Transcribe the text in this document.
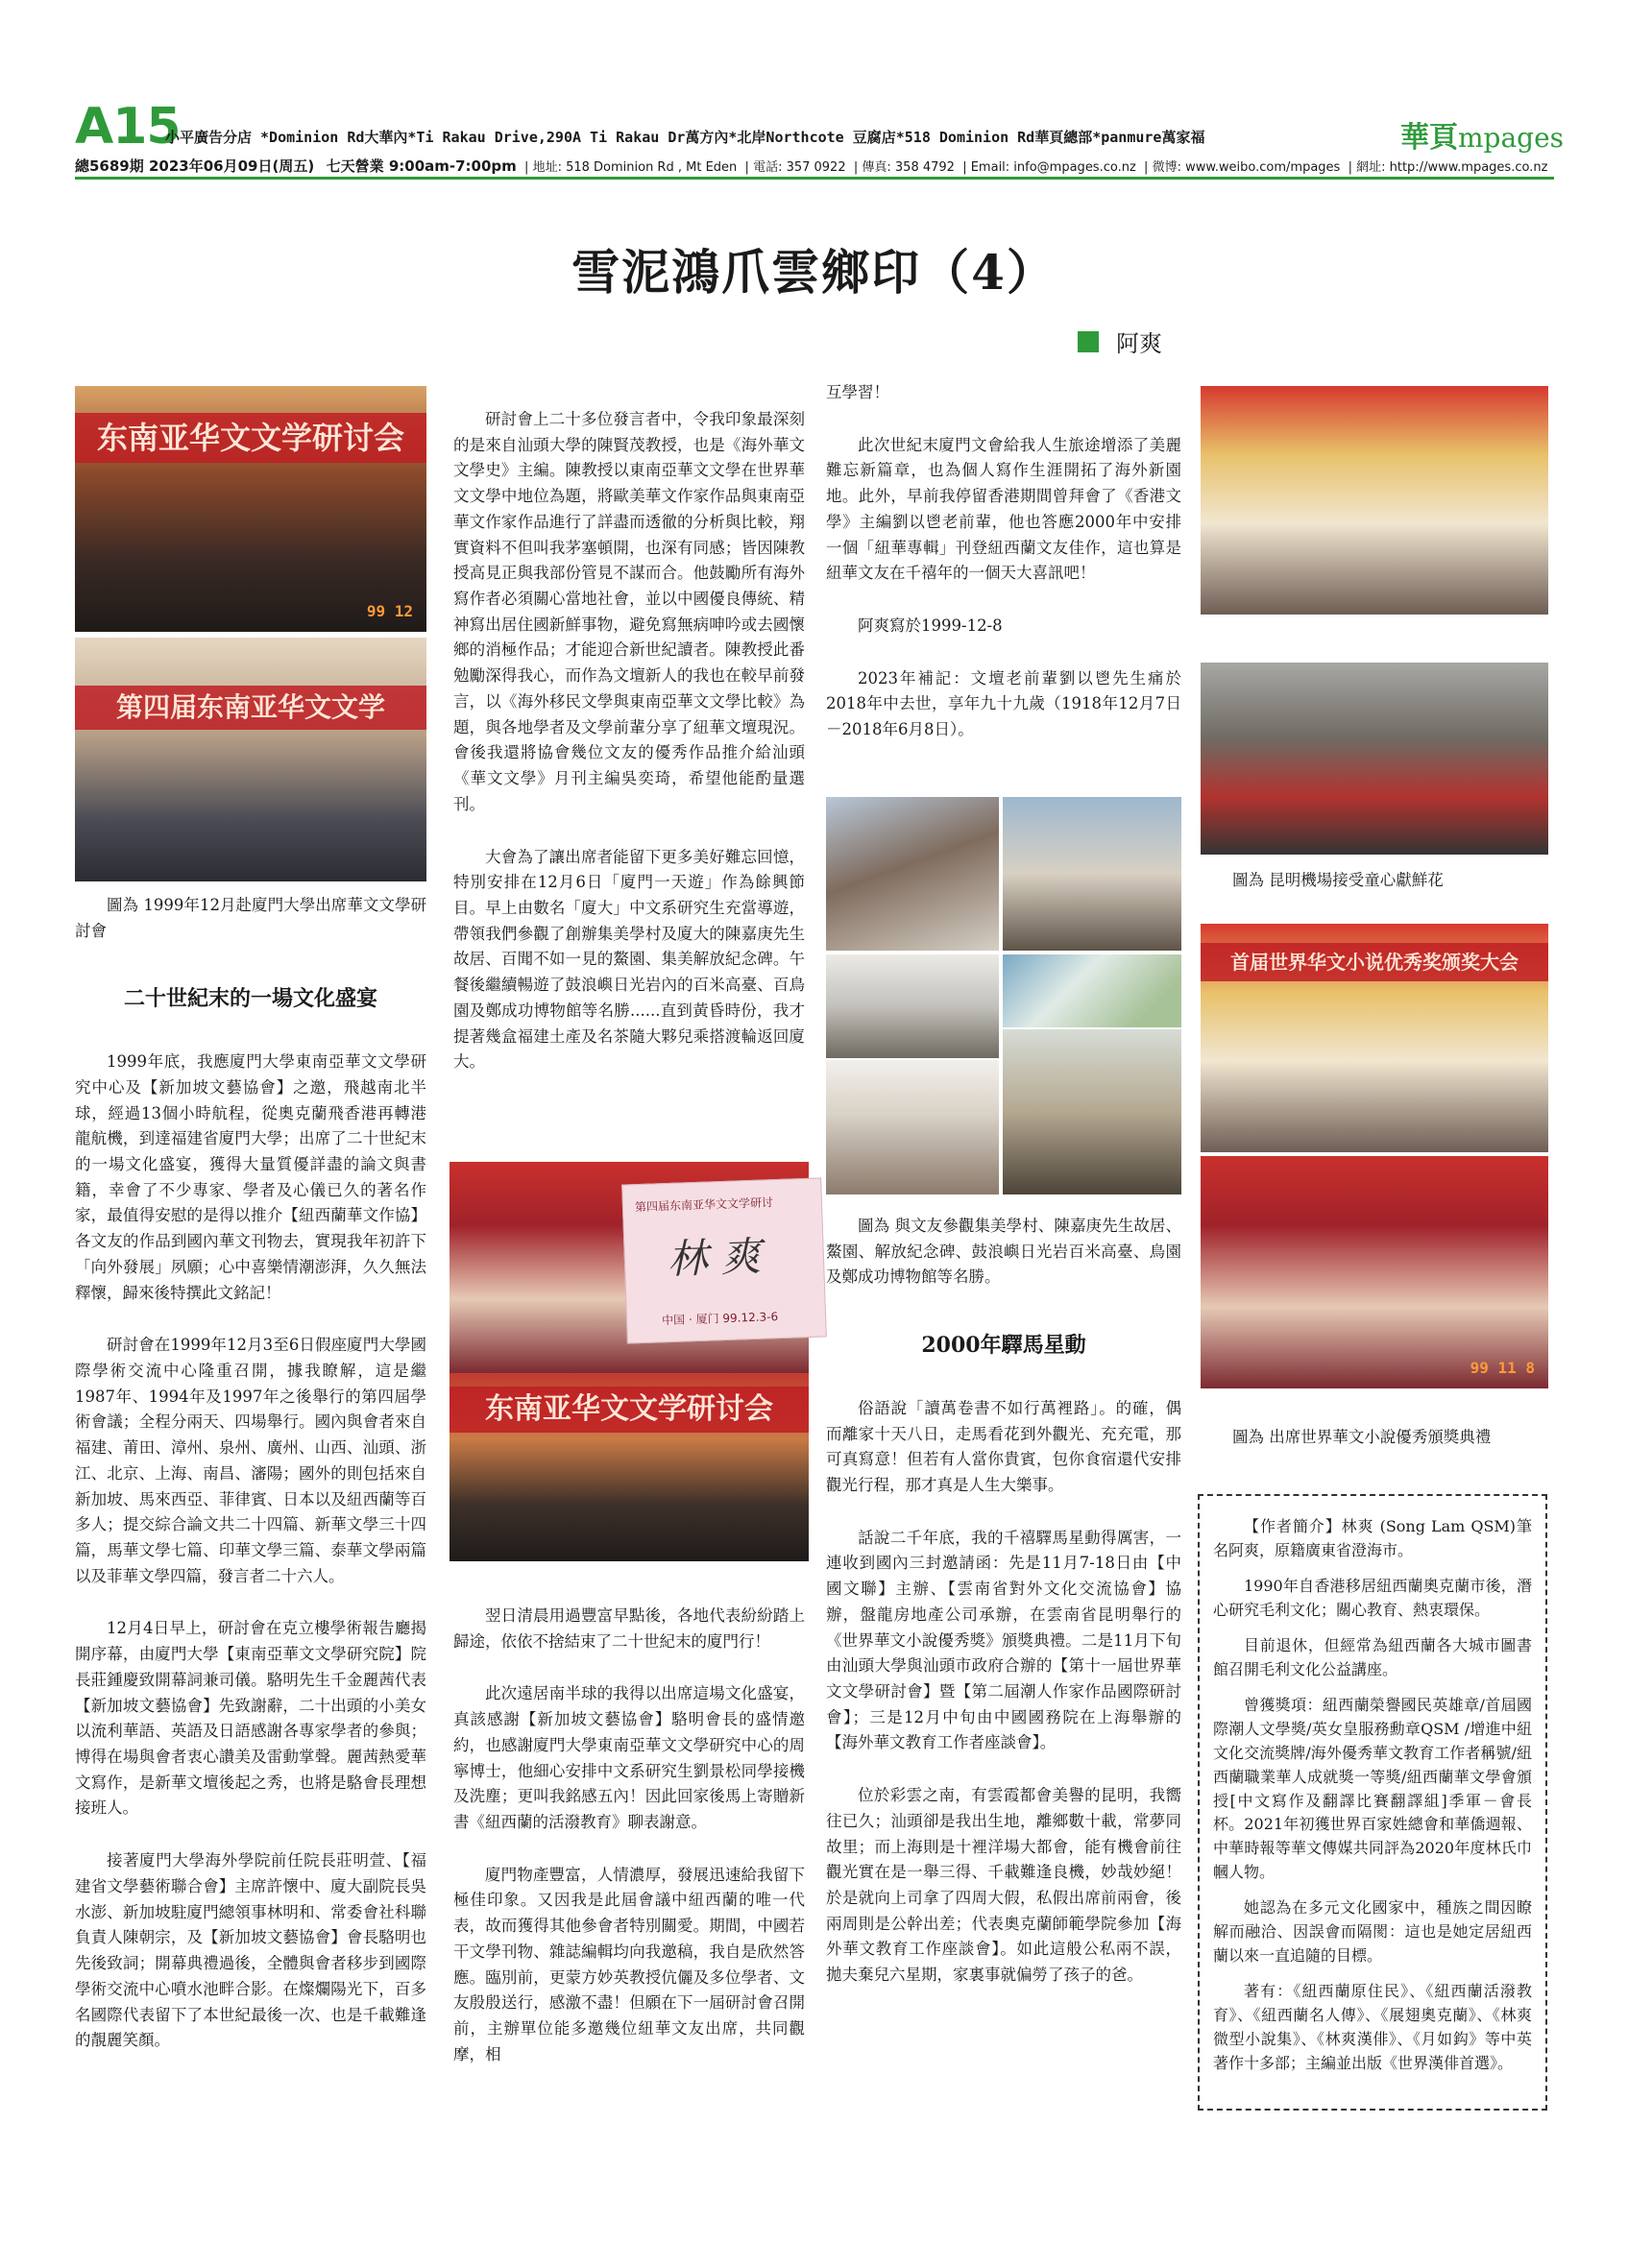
A15
小平廣告分店 *Dominion Rd大華內*Ti Rakau Drive,290A Ti Rakau Dr萬方內*北岸Northcote 豆腐店*518 Dominion Rd華頁總部*panmure萬家福	華頁mpages
總5689期 2023年06月09日(周五) 七天營業 9:00am-7:00pm  | 地址: 518 Dominion Rd , Mt Eden  | 電話: 357 0922  | 傳真: 358 4792  | Email: info@mpages.co.nz  | 微博: www.weibo.com/mpages  | 網址: http://www.mpages.co.nz
雪泥鴻爪雲鄉印（4）
阿爽
东南亚华文文学研讨会
99 12
第四届东南亚华文文学

圖為 1999年12月赴廈門大學出席華文文學研討會

二十世紀末的一場文化盛宴

1999年底，我應廈門大學東南亞華文文學研究中心及【新加坡文藝協會】之邀，飛越南北半球，經過13個小時航程，從奧克蘭飛香港再轉港龍航機，到達福建省廈門大學；出席了二十世紀末的一場文化盛宴，獲得大量質優詳盡的論文與書籍，幸會了不少專家、學者及心儀已久的著名作家，最值得安慰的是得以推介【紐西蘭華文作協】各文友的作品到國內華文刊物去，實現我年初許下「向外發展」夙願；心中喜樂情潮澎湃，久久無法釋懷，歸來後特撰此文銘記！

研討會在1999年12月3至6日假座廈門大學國際學術交流中心隆重召開，據我瞭解，這是繼1987年、1994年及1997年之後舉行的第四屆學術會議；全程分兩天、四場舉行。國內與會者來自福建、莆田、漳州、泉州、廣州、山西、汕頭、浙江、北京、上海、南昌、瀋陽；國外的則包括來自新加坡、馬來西亞、菲律賓、日本以及紐西蘭等百多人；提交綜合論文共二十四篇、新華文學三十四篇，馬華文學七篇、印華文學三篇、泰華文學兩篇以及菲華文學四篇，發言者二十六人。

12月4日早上，研討會在克立樓學術報告廳揭開序幕，由廈門大學【東南亞華文文學研究院】院長莊鍾慶致開幕詞兼司儀。駱明先生千金麗茜代表【新加坡文藝協會】先致謝辭，二十出頭的小美女以流利華語、英語及日語感謝各專家學者的參與；博得在場與會者衷心讚美及雷動掌聲。麗茜熱愛華文寫作，是新華文壇後起之秀，也將是駱會長理想接班人。

接著廈門大學海外學院前任院長莊明萱、【福建省文學藝術聯合會】主席許懷中、廈大副院長吳水澎、新加坡駐廈門總領事林明和、常委會社科聯負責人陳朝宗，及【新加坡文藝協會】會長駱明也先後致詞；開幕典禮過後，全體與會者移步到國際學術交流中心噴水池畔合影。在燦爛陽光下，百多名國際代表留下了本世紀最後一次、也是千載難逢的靚麗笑顏。

研討會上二十多位發言者中，令我印象最深刻的是來自汕頭大學的陳賢茂教授，也是《海外華文文學史》主編。陳教授以東南亞華文文學在世界華文文學中地位為題，將歐美華文作家作品與東南亞華文作家作品進行了詳盡而透徹的分析與比較，翔實資料不但叫我茅塞頓開，也深有同感；皆因陳教授高見正與我部份管見不謀而合。他鼓勵所有海外寫作者必須關心當地社會，並以中國優良傳統、精神寫出居住國新鮮事物，避免寫無病呻吟或去國懷鄉的消極作品；才能迎合新世紀讀者。陳教授此番勉勵深得我心，而作為文壇新人的我也在較早前發言，以《海外移民文學與東南亞華文文學比較》為題，與各地學者及文學前輩分享了紐華文壇現況。會後我還將協會幾位文友的優秀作品推介給汕頭《華文文學》月刊主編吳奕琦，希望他能酌量選刊。

大會為了讓出席者能留下更多美好難忘回憶，特別安排在12月6日「廈門一天遊」作為餘興節目。早上由數名「廈大」中文系研究生充當導遊，帶領我們參觀了創辦集美學村及廈大的陳嘉庚先生故居、百聞不如一見的鰲園、集美解放紀念碑。午餐後繼續暢遊了鼓浪嶼日光岩內的百米高臺、百鳥園及鄭成功博物館等名勝......直到黃昏時份，我才提著幾盒福建土產及名茶隨大夥兒乘搭渡輪返回廈大。

第四届东南亚华文文学研讨
林 爽
中国 · 厦门 99.12.3-6
东南亚华文文学研讨会

翌日清晨用過豐富早點後，各地代表紛紛踏上歸途，依依不捨結束了二十世紀末的廈門行！

此次遠居南半球的我得以出席這場文化盛宴，真該感謝【新加坡文藝協會】駱明會長的盛情邀約，也感謝廈門大學東南亞華文文學研究中心的周寧博士，他細心安排中文系研究生劉景松同學接機及洗塵；更叫我銘感五內！因此回家後馬上寄贈新書《紐西蘭的活潑教育》聊表謝意。

廈門物產豐富，人情濃厚，發展迅速給我留下極佳印象。又因我是此屆會議中紐西蘭的唯一代表，故而獲得其他參會者特別關愛。期間，中國若干文學刊物、雜誌編輯均向我邀稿，我自是欣然答應。臨別前，更蒙方妙英教授伉儷及多位學者、文友殷殷送行，感激不盡！但願在下一屆研討會召開前，主辦單位能多邀幾位紐華文友出席，共同觀摩，相

互學習！

此次世紀末廈門文會給我人生旅途增添了美麗難忘新篇章，也為個人寫作生涯開拓了海外新園地。此外，早前我停留香港期間曾拜會了《香港文學》主編劉以鬯老前輩，他也答應2000年中安排一個「紐華專輯」刊登紐西蘭文友佳作，這也算是紐華文友在千禧年的一個天大喜訊吧！

阿爽寫於1999-12-8

2023年補記：文壇老前輩劉以鬯先生痛於2018年中去世，享年九十九歲（1918年12月7日－2018年6月8日）。

圖為 與文友參觀集美學村、陳嘉庚先生故居、鰲園、解放紀念碑、鼓浪嶼日光岩百米高臺、鳥園及鄭成功博物館等名勝。

2000年驛馬星動

俗語說「讀萬卷書不如行萬裡路」。的確，偶而離家十天八日，走馬看花到外觀光、充充電，那可真寫意！但若有人當你貴賓，包你食宿還代安排觀光行程，那才真是人生大樂事。

話說二千年底，我的千禧驛馬星動得厲害，一連收到國內三封邀請函：先是11月7-18日由【中國文聯】主辦、【雲南省對外文化交流協會】協辦，盤龍房地產公司承辦，在雲南省昆明舉行的《世界華文小說優秀獎》頒獎典禮。二是11月下旬由汕頭大學與汕頭市政府合辦的【第十一屆世界華文文學研討會】暨【第二屆潮人作家作品國際研討會】；三是12月中旬由中國國務院在上海舉辦的【海外華文教育工作者座談會】。

位於彩雲之南，有雲霞都會美譽的昆明，我嚮往已久；汕頭卻是我出生地，離鄉數十載，常夢同故里；而上海則是十裡洋場大都會，能有機會前往觀光實在是一舉三得、千載難逢良機，妙哉妙絕！於是就向上司拿了四周大假，私假出席前兩會，後兩周則是公幹出差；代表奧克蘭師範學院參加【海外華文教育工作座談會】。如此這般公私兩不誤，拋夫棄兒六星期，家裏事就偏勞了孩子的爸。

圖為 昆明機場接受童心獻鮮花

首届世界华文小说优秀奖颁奖大会
99 11 8

圖為 出席世界華文小說優秀頒獎典禮

【作者簡介】林爽 (Song Lam QSM)筆名阿爽，原籍廣東省澄海市。

1990年自香港移居紐西蘭奧克蘭市後，潛心研究毛利文化；關心教育、熱衷環保。

目前退休，但經常為紐西蘭各大城市圖書館召開毛利文化公益講座。

曾獲獎項：紐西蘭榮譽國民英雄章/首屆國際潮人文學獎/英女皇服務勳章QSM /增進中紐文化交流獎牌/海外優秀華文教育工作者稱號/紐西蘭職業華人成就獎一等獎/紐西蘭華文學會頒授[中文寫作及翻譯比賽翻譯組]季軍－會長杯。2021年初獲世界百家姓總會和華僑週報、中華時報等華文傳媒共同評為2020年度林氏巾幗人物。

她認為在多元文化國家中，種族之間因瞭解而融洽、因誤會而隔閡：這也是她定居紐西蘭以來一直追隨的目標。

著有：《紐西蘭原住民》、《紐西蘭活潑教育》、《紐西蘭名人傳》、《展翅奧克蘭》、《林爽微型小說集》、《林爽漢俳》、《月如鈎》等中英著作十多部；主編並出版《世界漢俳首選》。
